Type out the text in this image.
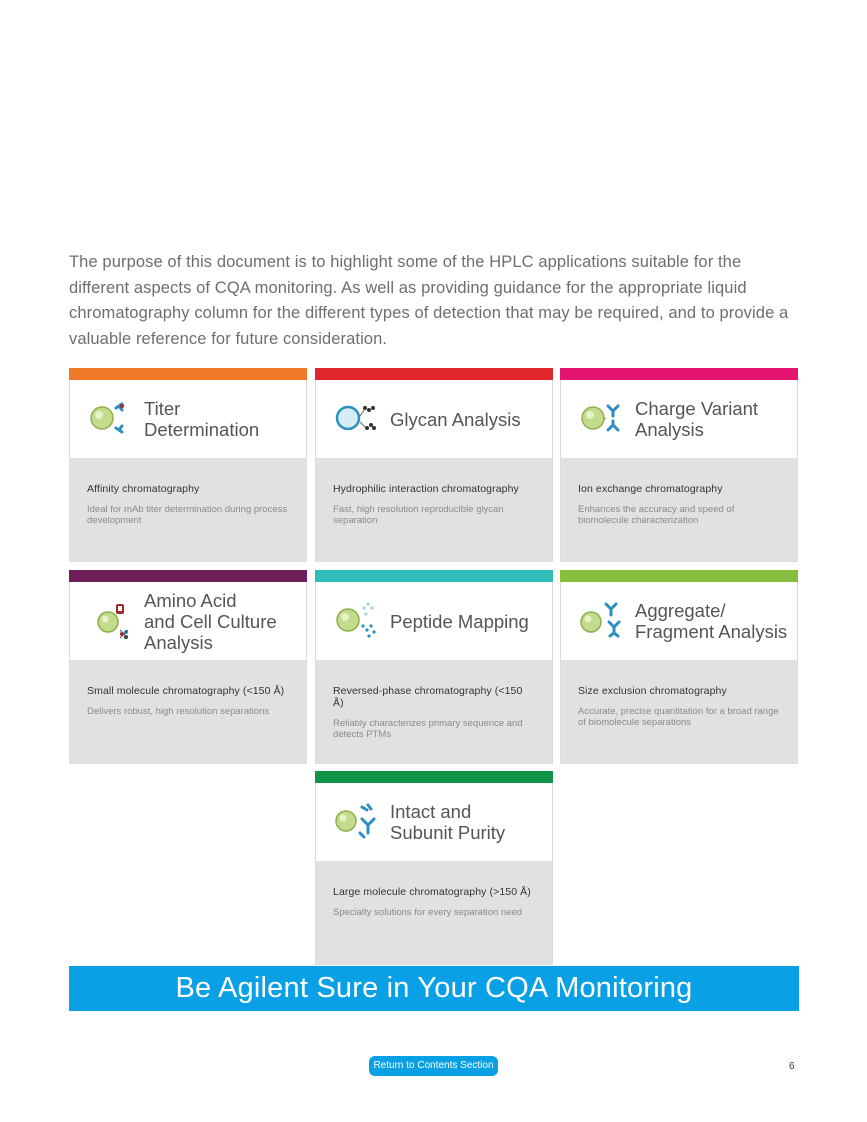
The purpose of this document is to highlight some of the HPLC applications suitable for the different aspects of CQA monitoring. As well as providing guidance for the appropriate liquid chromatography column for the different types of detection that may be required, and to provide a valuable reference for future consideration.

Titer
Determination
Affinity chromatography
Ideal for mAb titer determination during process development
Glycan Analysis
Hydrophilic interaction chromatography
Fast, high resolution reproducible glycan separation
- Charge Variant
Analysis
Ion exchange chromatography
Enhances the accuracy and speed of biomolecule characterization
Amino Acid
and Cell Culture
Analysis
Small molecule chromatography (<150 Å)
Delivers robust, high resolution separations
Peptide Mapping
Reversed-phase chromatography (<150 Å)
Reliably characterizes primary sequence and detects PTMs
Aggregate/
Fragment Analysis
Size exclusion chromatography
Accurate, precise quantitation for a broad range of biomolecule separations
Intact and
Subunit Purity
Large molecule chromatography (>150 Å)
Specialty solutions for every separation need
Be Agilent Sure in Your CQA Monitoring
Return to Contents Section	6
